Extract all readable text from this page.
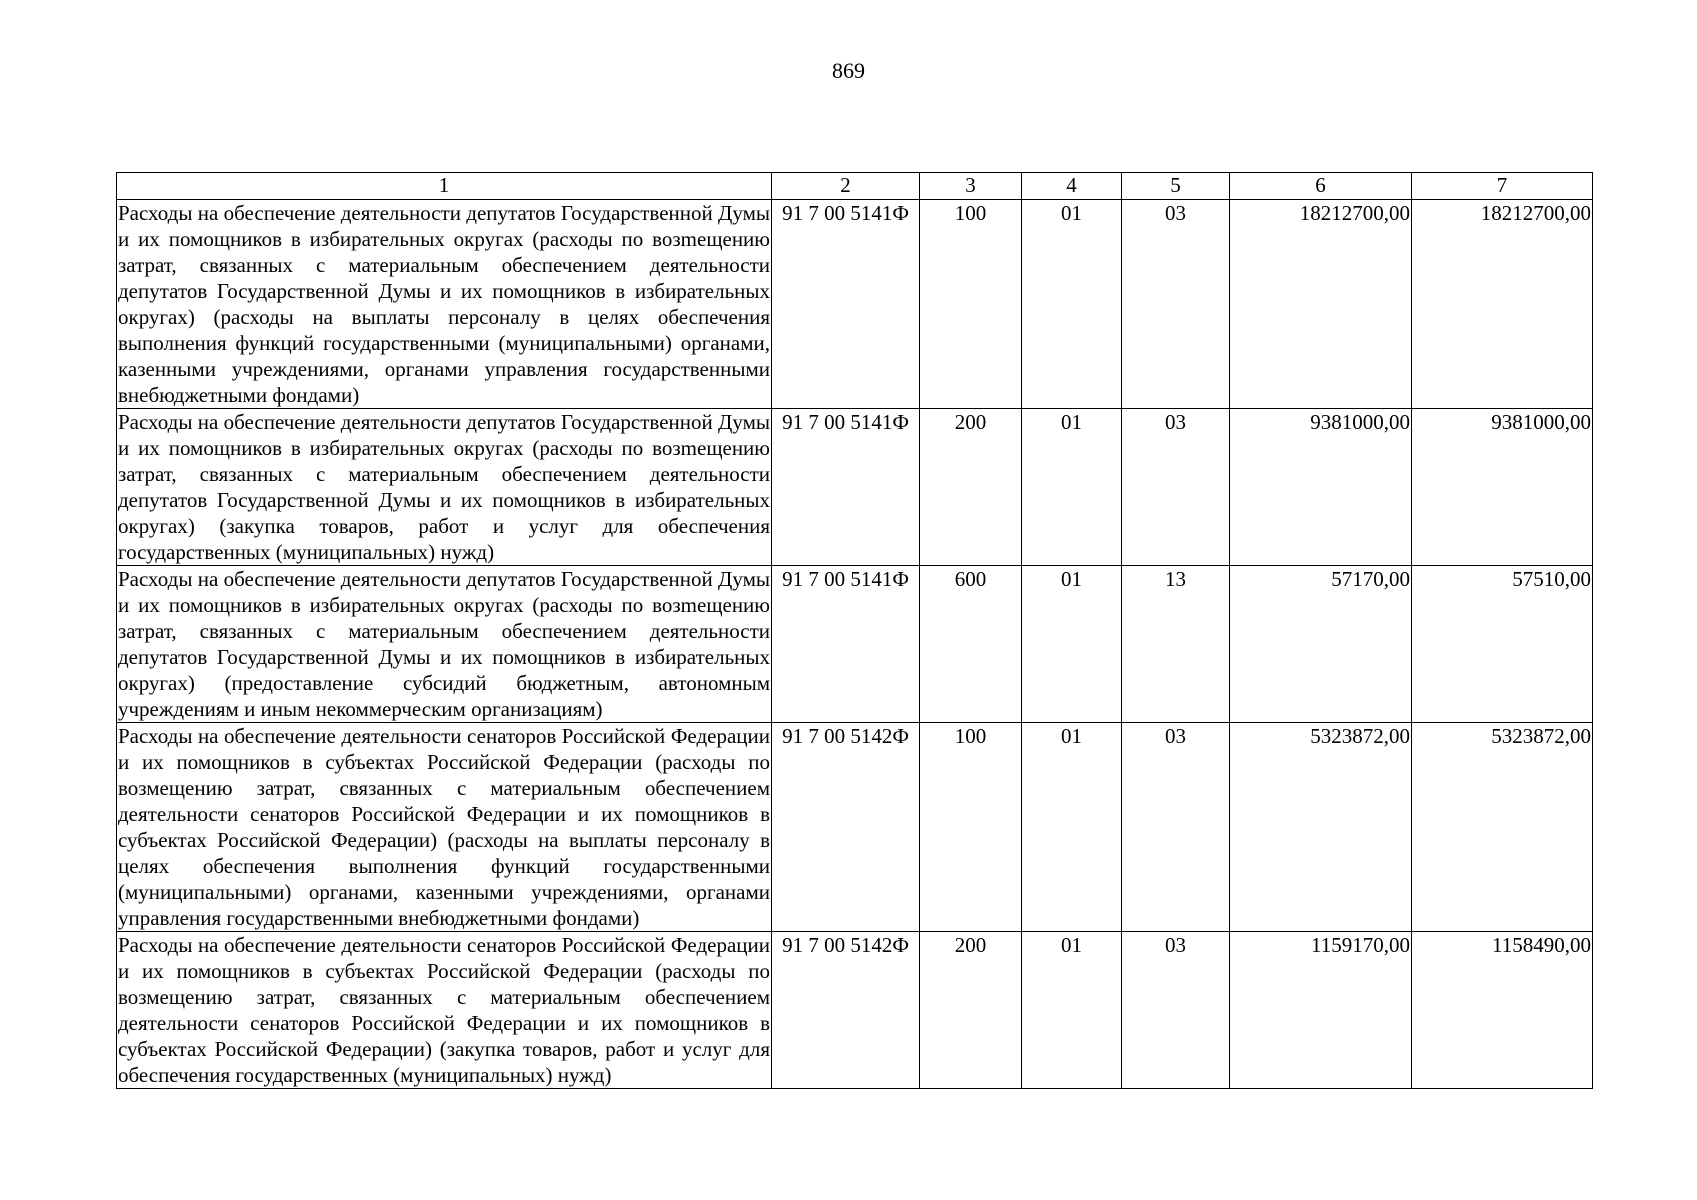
869
1	2	3	4	5	6	7
Расходы на обеспечение деятельности депутатов Государственной Думы и их помощников в избирательных округах (расходы по возmещению затрат, связанных с материальным обеспечением деятельности депутатов Государственной Думы и их помощников в избирательных округах) (расходы на выплаты персоналу в целях обеспечения выполнения функций государственными (муниципальными) органами, казенными учреждениями, органами управления государственными внебюджетными фондами)	91 7 00 5141Ф	100	01	03	18212700,00	18212700,00
Расходы на обеспечение деятельности депутатов Государственной Думы и их помощников в избирательных округах (расходы по возmещению затрат, связанных с материальным обеспечением деятельности депутатов Государственной Думы и их помощников в избирательных округах) (закупка товаров, работ и услуг для обеспечения государственных (муниципальных) нужд)	91 7 00 5141Ф	200	01	03	9381000,00	9381000,00
Расходы на обеспечение деятельности депутатов Государственной Думы и их помощников в избирательных округах (расходы по возmещению затрат, связанных с материальным обеспечением деятельности депутатов Государственной Думы и их помощников в избирательных округах) (предоставление субсидий бюджетным, автономным учреждениям и иным некоммерческим организациям)	91 7 00 5141Ф	600	01	13	57170,00	57510,00
Расходы на обеспечение деятельности сенаторов Российской Федерации и их помощников в субъектах Российской Федерации (расходы по возмещению затрат, связанных с материальным обеспечением деятельности сенаторов Российской Федерации и их помощников в субъектах Российской Федерации) (расходы на выплаты персоналу в целях обеспечения выполнения функций государственными (муниципальными) органами, казенными учреждениями, органами управления государственными внебюджетными фондами)	91 7 00 5142Ф	100	01	03	5323872,00	5323872,00
Расходы на обеспечение деятельности сенаторов Российской Федерации и их помощников в субъектах Российской Федерации (расходы по возмещению затрат, связанных с материальным обеспечением деятельности сенаторов Российской Федерации и их помощников в субъектах Российской Федерации) (закупка товаров, работ и услуг для обеспечения государственных (муниципальных) нужд)	91 7 00 5142Ф	200	01	03	1159170,00	1158490,00
